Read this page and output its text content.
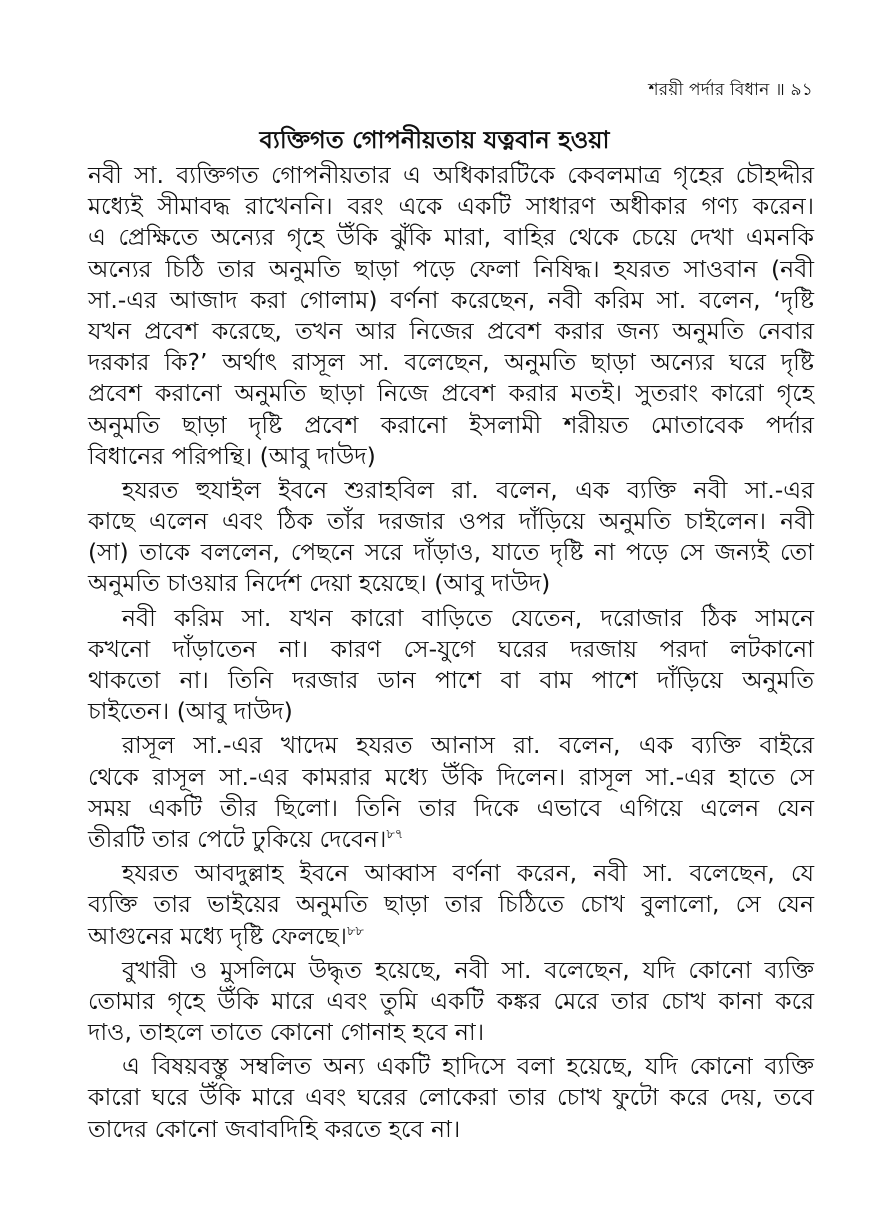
শরয়ী পর্দার বিধান ॥ ৯১
ব্যক্তিগত গোপনীয়তায় যত্নবান হওয়া
নবী সা. ব্যক্তিগত গোপনীয়তার এ অধিকারটিকে কেবলমাত্র গৃহের চৌহদ্দীর
মধ্যেই সীমাবদ্ধ রাখেননি। বরং একে একটি সাধারণ অধীকার গণ্য করেন।
এ প্রেক্ষিতে অন্যের গৃহে উঁকি ঝুঁকি মারা, বাহির থেকে চেয়ে দেখা এমনকি
অন্যের চিঠি তার অনুমতি ছাড়া পড়ে ফেলা নিষিদ্ধ। হযরত সাওবান (নবী
সা.-এর আজাদ করা গোলাম) বর্ণনা করেছেন, নবী করিম সা. বলেন, ‘দৃষ্টি
যখন প্রবেশ করেছে, তখন আর নিজের প্রবেশ করার জন্য অনুমতি নেবার
দরকার কি?’ অর্থাৎ রাসূল সা. বলেছেন, অনুমতি ছাড়া অন্যের ঘরে দৃষ্টি
প্রবেশ করানো অনুমতি ছাড়া নিজে প্রবেশ করার মতই। সুতরাং কারো গৃহে
অনুমতি ছাড়া দৃষ্টি প্রবেশ করানো ইসলামী শরীয়ত মোতাবেক পর্দার
বিধানের পরিপন্থি। (আবু দাউদ)
হযরত হুযাইল ইবনে শুরাহবিল রা. বলেন, এক ব্যক্তি নবী সা.-এর
কাছে এলেন এবং ঠিক তাঁর দরজার ওপর দাঁড়িয়ে অনুমতি চাইলেন। নবী
(সা) তাকে বললেন, পেছনে সরে দাঁড়াও, যাতে দৃষ্টি না পড়ে সে জন্যই তো
অনুমতি চাওয়ার নির্দেশ দেয়া হয়েছে। (আবু দাউদ)
নবী করিম সা. যখন কারো বাড়িতে যেতেন, দরোজার ঠিক সামনে
কখনো দাঁড়াতেন না। কারণ সে-যুগে ঘরের দরজায় পরদা লটকানো
থাকতো না। তিনি দরজার ডান পাশে বা বাম পাশে দাঁড়িয়ে অনুমতি
চাইতেন। (আবু দাউদ)
রাসূল সা.-এর খাদেম হযরত আনাস রা. বলেন, এক ব্যক্তি বাইরে
থেকে রাসূল সা.-এর কামরার মধ্যে উঁকি দিলেন। রাসূল সা.-এর হাতে সে
সময় একটি তীর ছিলো। তিনি তার দিকে এভাবে এগিয়ে এলেন যেন
তীরটি তার পেটে ঢুকিয়ে দেবেন।$^{৮৭}$
হযরত আবদুল্লাহ ইবনে আব্বাস বর্ণনা করেন, নবী সা. বলেছেন, যে
ব্যক্তি তার ভাইয়ের অনুমতি ছাড়া তার চিঠিতে চোখ বুলালো, সে যেন
আগুনের মধ্যে দৃষ্টি ফেলছে।$^{৮৮}$
বুখারী ও মুসলিমে উদ্ধৃত হয়েছে, নবী সা. বলেছেন, যদি কোনো ব্যক্তি
তোমার গৃহে উঁকি মারে এবং তুমি একটি কঙ্কর মেরে তার চোখ কানা করে
দাও, তাহলে তাতে কোনো গোনাহ হবে না।
এ বিষয়বস্তু সম্বলিত অন্য একটি হাদিসে বলা হয়েছে, যদি কোনো ব্যক্তি
কারো ঘরে উঁকি মারে এবং ঘরের লোকেরা তার চোখ ফুটো করে দেয়, তবে
তাদের কোনো জবাবদিহি করতে হবে না।
